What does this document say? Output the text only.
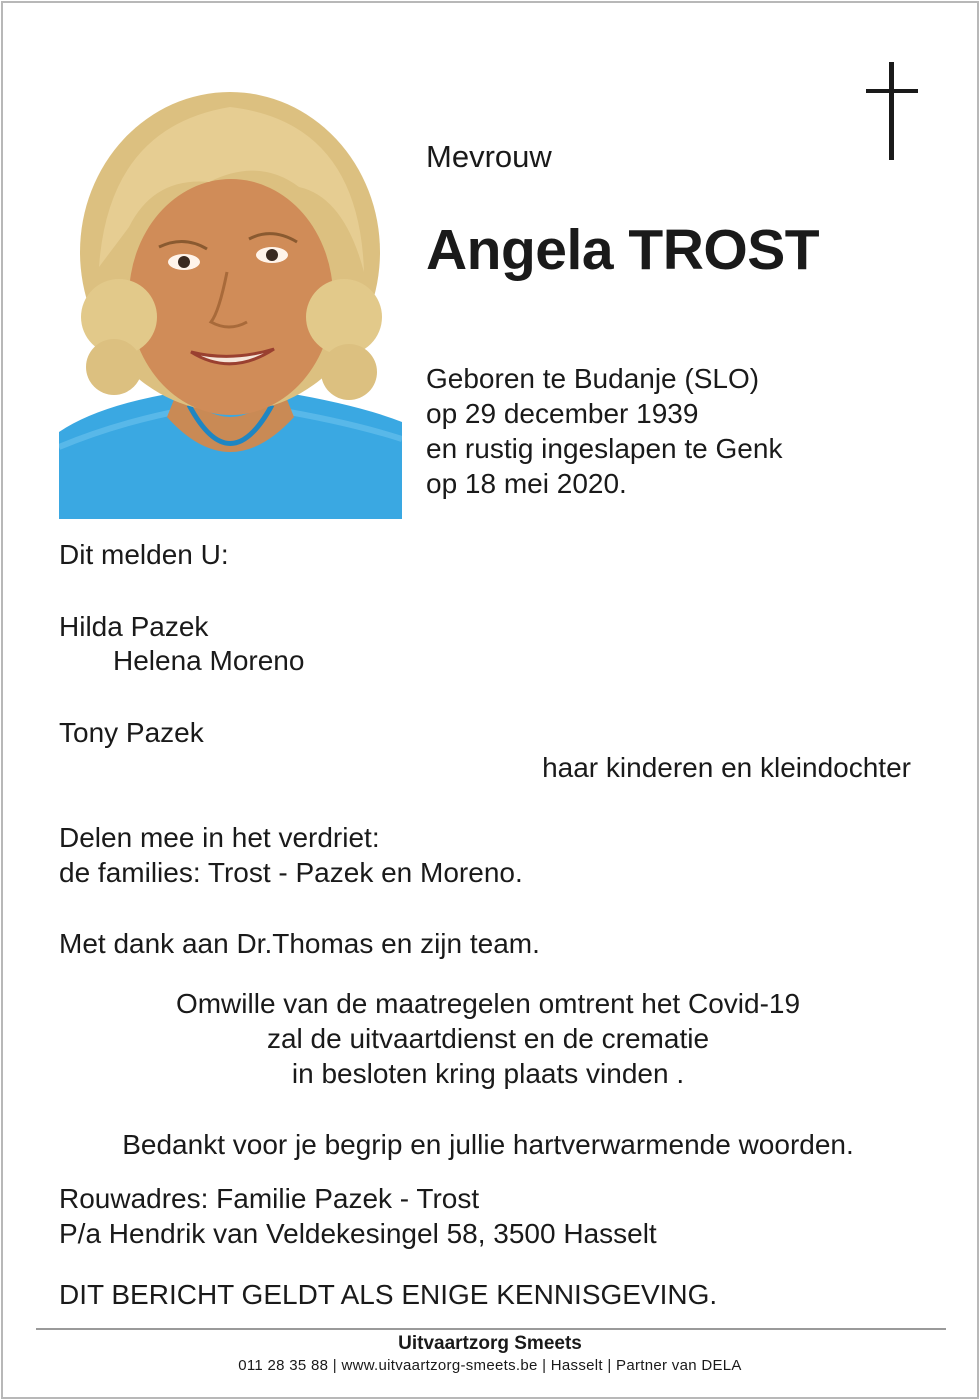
Mevrouw

Angela TROST
Geboren te Budanje (SLO)
op 29 december 1939
en rustig ingeslapen te Genk
op 18 mei 2020.

Dit melden U:

Hilda Pazek

Helena Moreno

Tony Pazek

haar kinderen en kleindochter

Delen mee in het verdriet:
de families: Trost - Pazek en Moreno.

Met dank aan Dr.Thomas en zijn team.

Omwille van de maatregelen omtrent het Covid-19
zal de uitvaartdienst en de crematie
in besloten kring plaats vinden .

Bedankt voor je begrip en jullie hartverwarmende woorden.

Rouwadres: Familie Pazek - Trost
P/a Hendrik van Veldekesingel 58, 3500 Hasselt

DIT BERICHT GELDT ALS ENIGE KENNISGEVING.

Uitvaartzorg Smeets

011 28 35 88 | www.uitvaartzorg-smeets.be | Hasselt | Partner van DELA
